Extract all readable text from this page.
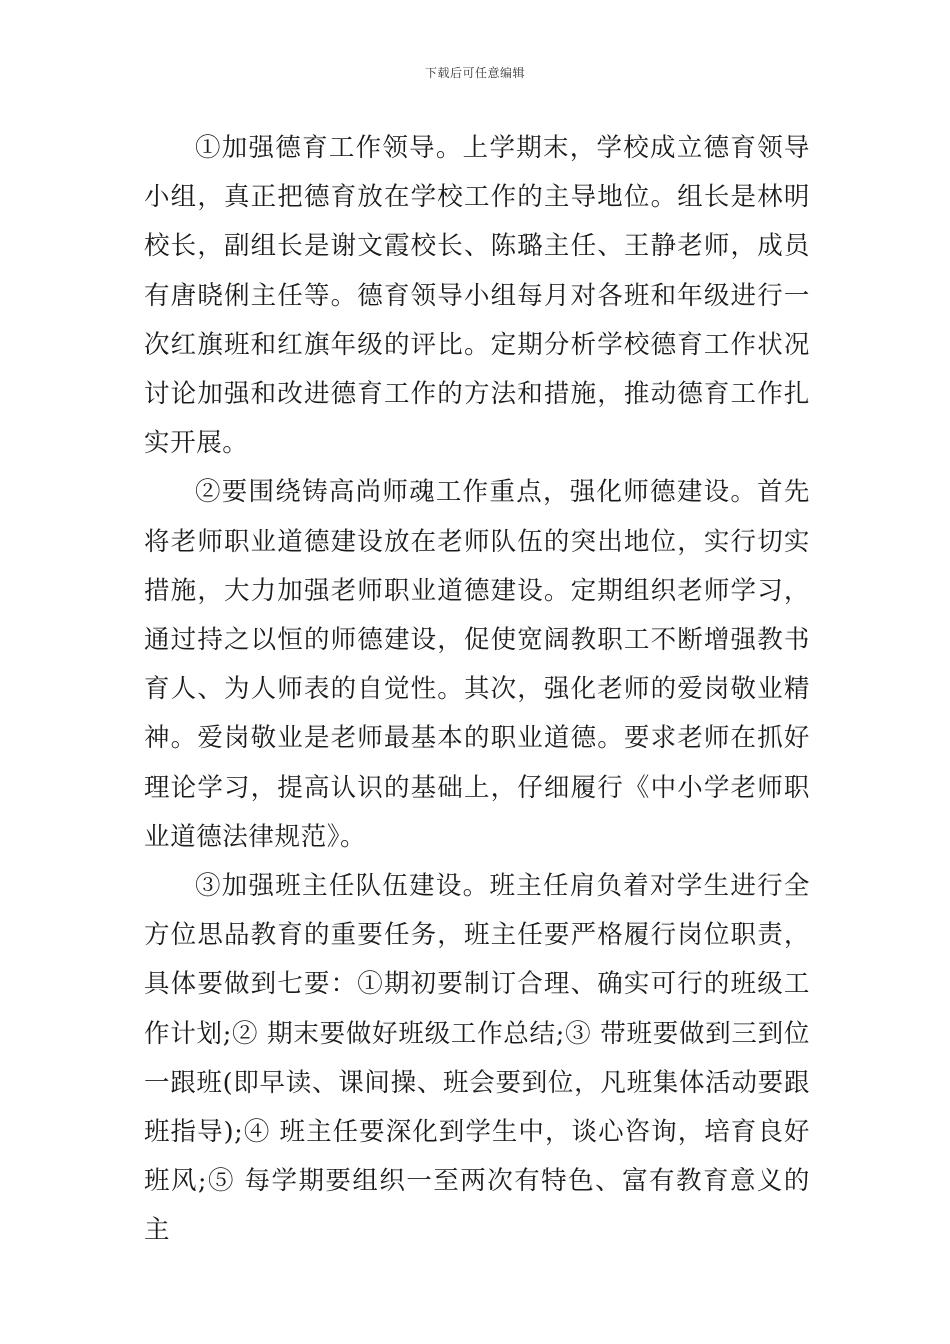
下载后可任意编辑

①加强德育工作领导。上学期末，学校成立德育领导小组，真正把德育放在学校工作的主导地位。组长是林明校长，副组长是谢文霞校长、陈璐主任、王静老师，成员有唐晓俐主任等。德育领导小组每月对各班和年级进行一次红旗班和红旗年级的评比。定期分析学校德育工作状况讨论加强和改进德育工作的方法和措施，推动德育工作扎实开展。

②要围绕铸高尚师魂工作重点，强化师德建设。首先将老师职业道德建设放在老师队伍的突出地位，实行切实措施，大力加强老师职业道德建设。定期组织老师学习，通过持之以恒的师德建设，促使宽阔教职工不断增强教书育人、为人师表的自觉性。其次，强化老师的爱岗敬业精神。爱岗敬业是老师最基本的职业道德。要求老师在抓好理论学习，提高认识的基础上，仔细履行《中小学老师职业道德法律规范》。

③加强班主任队伍建设。班主任肩负着对学生进行全方位思品教育的重要任务，班主任要严格履行岗位职责，具体要做到七要：①期初要制订合理、确实可行的班级工作计划;② 期末要做好班级工作总结;③ 带班要做到三到位一跟班(即早读、课间操、班会要到位，凡班集体活动要跟班指导);④ 班主任要深化到学生中，谈心咨询，培育良好班风;⑤ 每学期要组织一至两次有特色、富有教育意义的主
